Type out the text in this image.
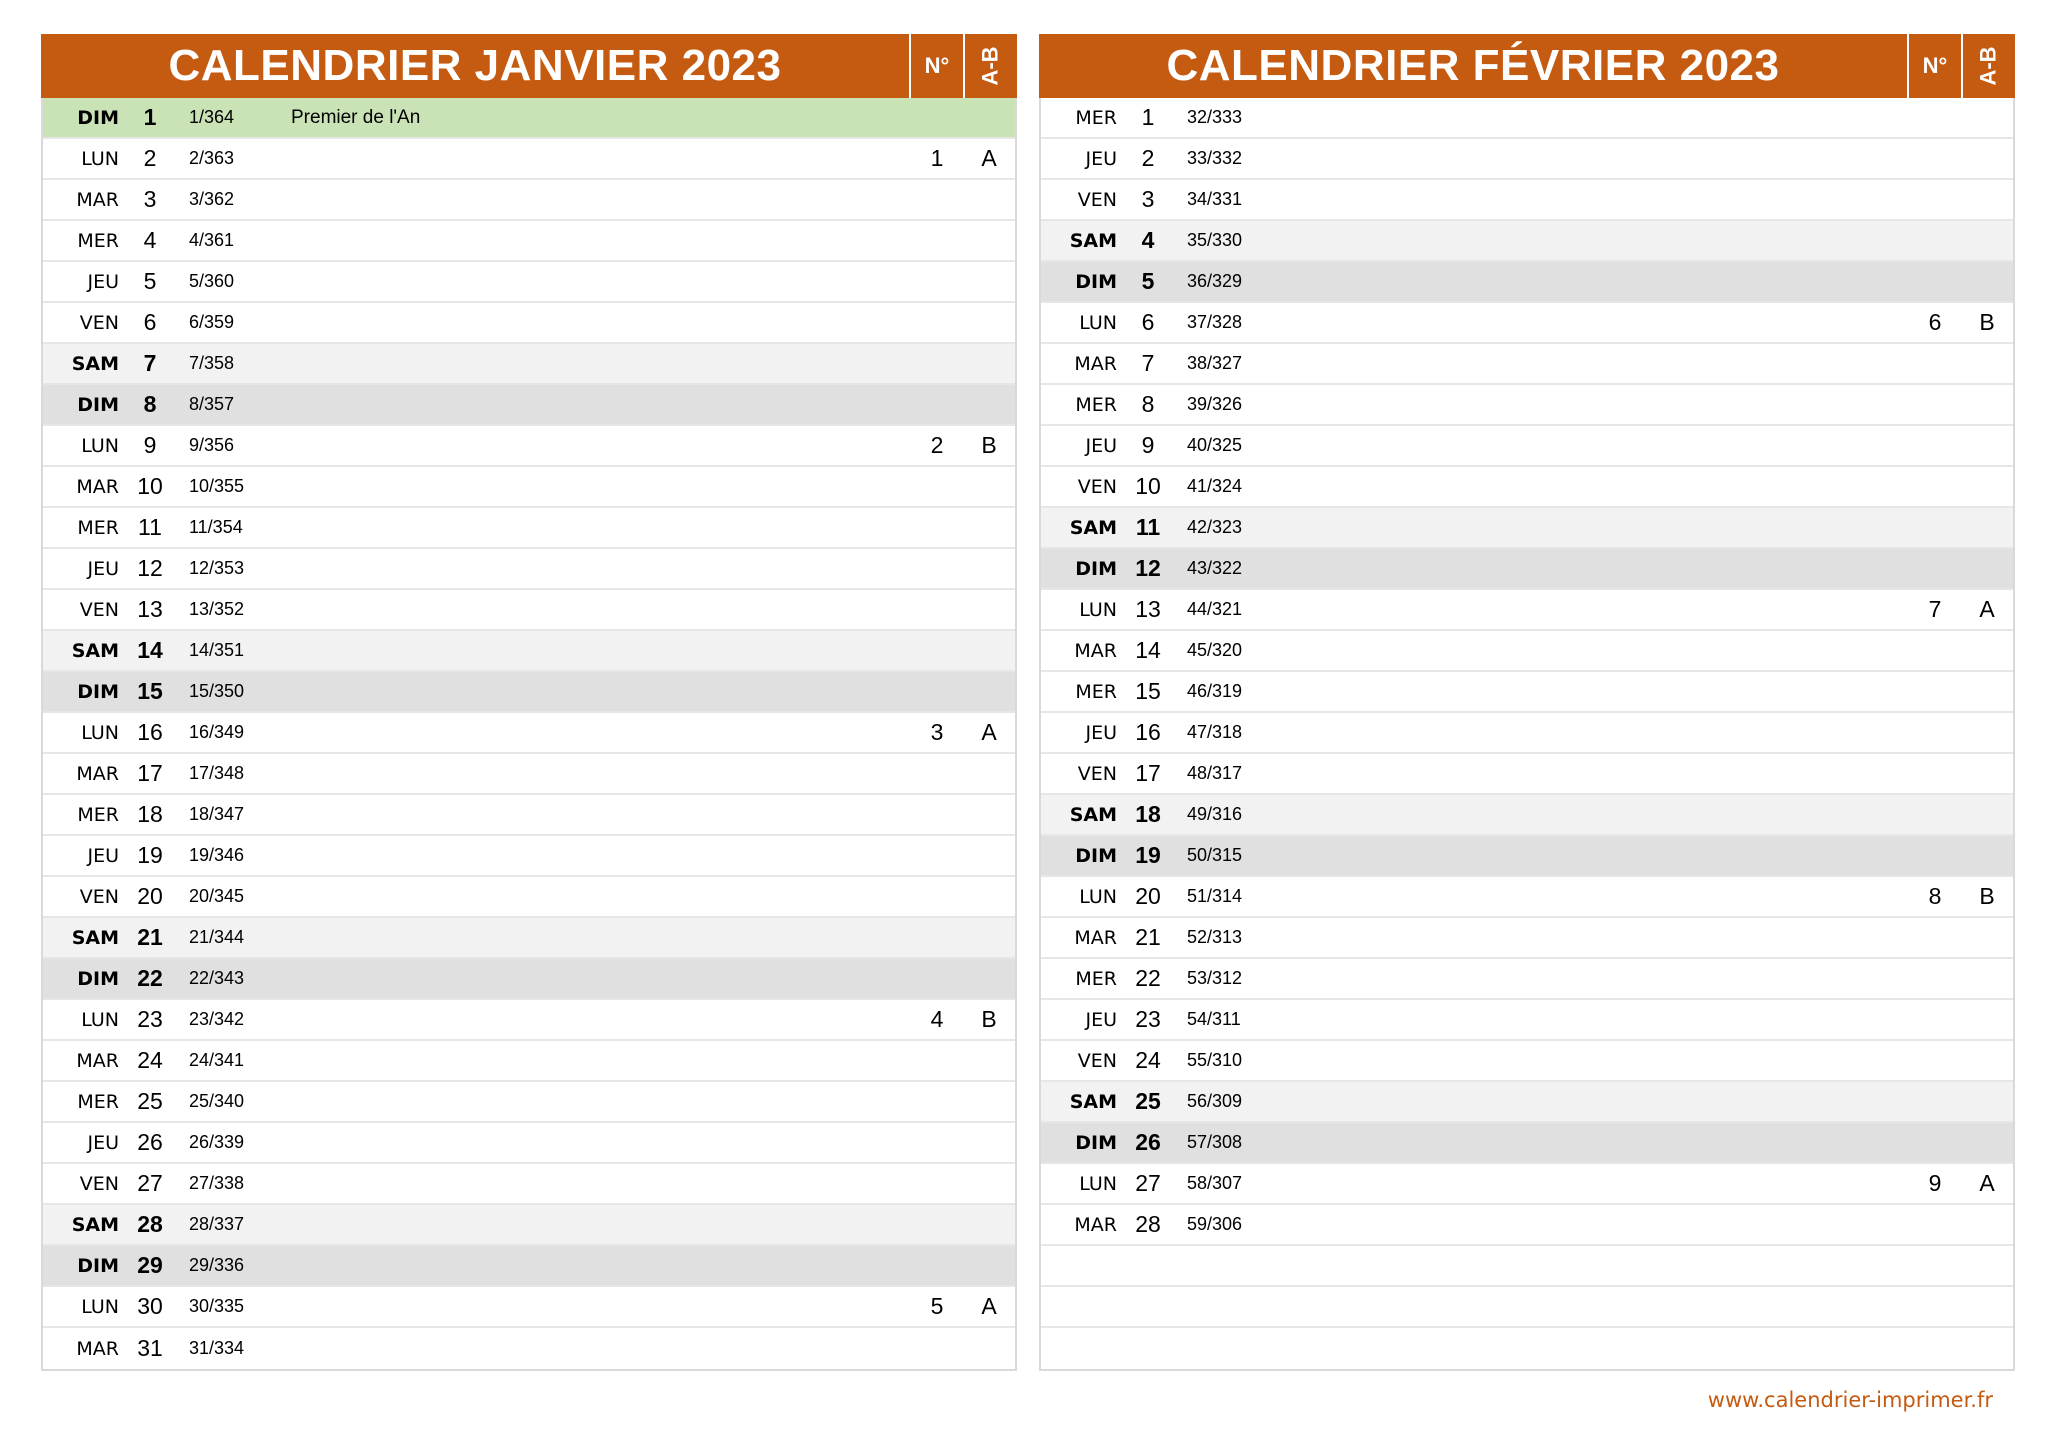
CALENDRIER JANVIER 2023	N°	A-B
DIM	1	1/364	Premier de l'An
LUN	2	2/363	1	A
MAR	3	3/362
MER	4	4/361
JEU	5	5/360
VEN	6	6/359
SAM	7	7/358
DIM	8	8/357
LUN	9	9/356	2	B
MAR 10	10/355
MER 11	11/354
JEU 12	12/353
VEN 13	13/352
SAM 14	14/351
DIM 15	15/350
LUN 16	16/349	3	A
MAR 17	17/348
MER 18	18/347
JEU 19	19/346
VEN 20	20/345
SAM 21	21/344
DIM 22	22/343
LUN 23	23/342	4	B
MAR 24	24/341
MER 25	25/340
JEU 26	26/339
VEN 27	27/338
SAM 28	28/337
DIM 29	29/336
LUN 30	30/335	5	A
MAR 31	31/334
CALENDRIER FÉVRIER 2023	N°	A-B
MER	1	32/333
JEU	2	33/332
VEN	3	34/331
SAM	4	35/330
DIM	5	36/329
LUN	6	37/328	6	B
MAR	7	38/327
MER	8	39/326
JEU	9	40/325
VEN 10	41/324
SAM 11	42/323
DIM 12	43/322
LUN 13	44/321	7	A
MAR 14	45/320
MER 15	46/319
JEU 16	47/318
VEN 17	48/317
SAM 18	49/316
DIM 19	50/315
LUN 20	51/314	8	B
MAR 21	52/313
MER 22	53/312
JEU 23	54/311
VEN 24	55/310
SAM 25	56/309
DIM 26	57/308
LUN 27	58/307	9	A
MAR 28	59/306
www.calendrier-imprimer.fr
